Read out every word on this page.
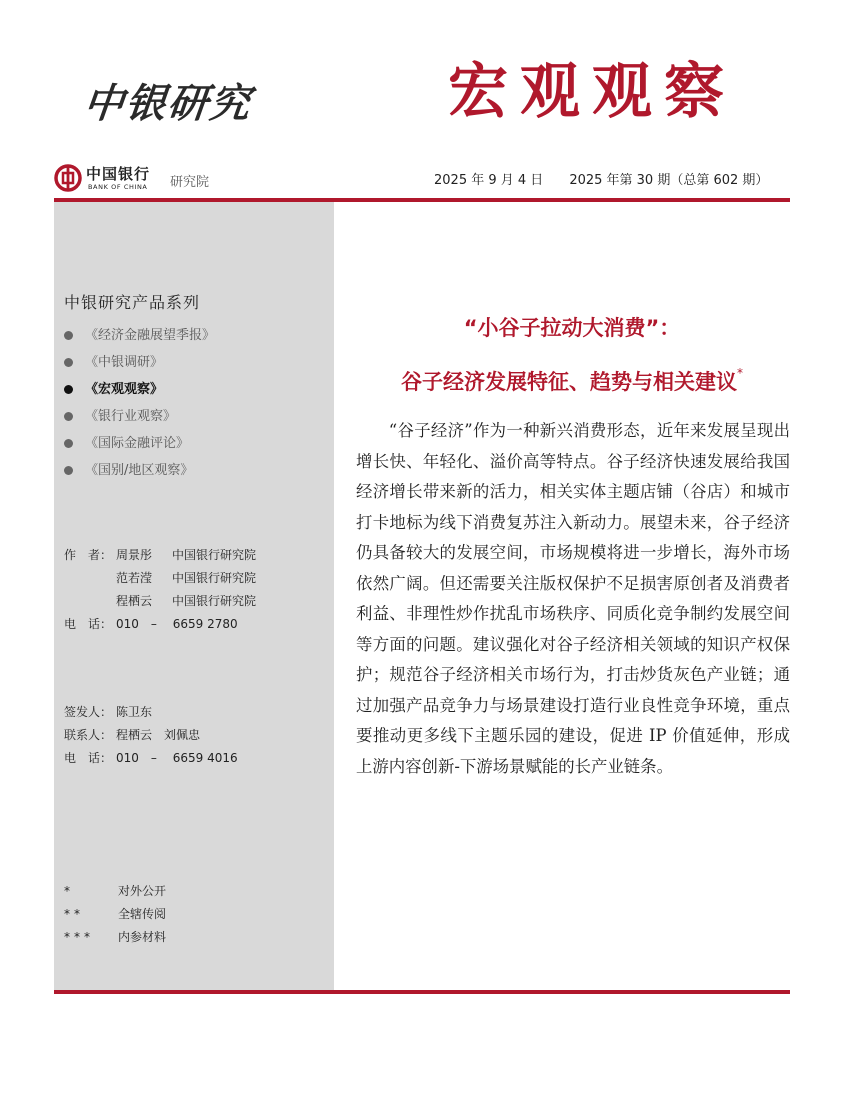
中银研究	宏观观察
中国银行
BANK OF CHINA 研究院	2025 年 9 月 4 日　　 2025 年第 30 期（总第 602 期）
中银研究产品系列
《经济金融展望季报》
《中银调研》
《宏观观察》
《银行业观察》
《国际金融评论》
《国别/地区观察》
作　者： 周景彤	中国银行研究院
范若滢	中国银行研究院
程栖云	中国银行研究院
电　话： 010　–　 6659 2780
签发人： 陈卫东
联系人： 程栖云　刘佩忠
电　话： 010　–　 6659 4016
*	对外公开
**	全辖传阅
***	内参材料
“小谷子拉动大消费”：
谷子经济发展特征、趋势与相关建议*

“谷子经济”作为一种新兴消费形态，近年来发展呈现出增长快、年轻化、溢价高等特点。谷子经济快速发展给我国经济增长带来新的活力，相关实体主题店铺（谷店）和城市打卡地标为线下消费复苏注入新动力。展望未来，谷子经济仍具备较大的发展空间，市场规模将进一步增长，海外市场依然广阔。但还需要关注版权保护不足损害原创者及消费者利益、非理性炒作扰乱市场秩序、同质化竞争制约发展空间等方面的问题。建议强化对谷子经济相关领域的知识产权保护；规范谷子经济相关市场行为，打击炒货灰色产业链；通过加强产品竞争力与场景建设打造行业良性竞争环境，重点要推动更多线下主题乐园的建设，促进 IP 价值延伸，形成上游内容创新-下游场景赋能的长产业链条。
